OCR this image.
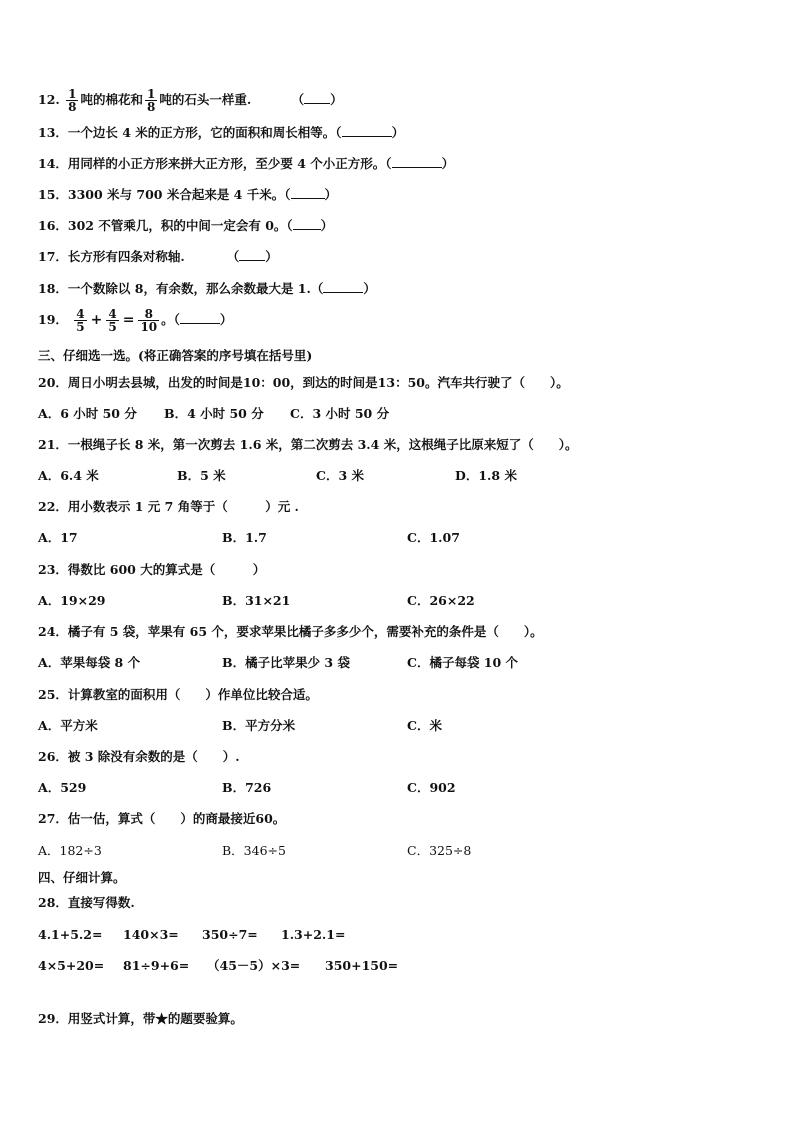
12. $\frac{1}{8}$ 吨的棉花和 $\frac{1}{8}$ 吨的石头一样重.	（ ）
13．一个边长 4 米的正方形，它的面积和周长相等。（	）
14．用同样的小正方形来拼大正方形，至少要 4 个小正方形。（	）
15．3300 米与 700 米合起来是 4 千米。（	）
16．302 不管乘几，积的中间一定会有 0。（ ）
17．长方形有四条对称轴.	（ ）
18．一个数除以 8，有余数，那么余数最大是 1.（	）
19． $\frac{4}{5} + \frac{4}{5} = \frac{8}{10}$ 。（	）
三、仔细选一选。(将正确答案的序号填在括号里)
20．周日小明去县城，出发的时间是10：00，到达的时间是13：50。汽车共行驶了（　　）。
A．6 小时 50 分 B．4 小时 50 分 C．3 小时 50 分
21．一根绳子长 8 米，第一次剪去 1.6 米，第二次剪去 3.4 米，这根绳子比原来短了（　　）。
A．6.4 米	B．5 米	C．3 米	D．1.8 米
22．用小数表示 1 元 7 角等于（　　　）元 .
A．17	B．1.7	C．1.07
23．得数比 600 大的算式是（　　　）
A．19×29	B．31×21	C．26×22
24．橘子有 5 袋，苹果有 65 个，要求苹果比橘子多多少个，需要补充的条件是（　　）。
A．苹果每袋 8 个	B．橘子比苹果少 3 袋	C．橘子每袋 10 个
25．计算教室的面积用（　　）作单位比较合适。
A．平方米	B．平方分米	C．米
26．被 3 除没有余数的是（　　）.
A．529	B．726	C．902
27．估一估，算式（　　）的商最接近60。
A．182÷3	B．346÷5	C．325÷8
四、仔细计算。
28．直接写得数.
4.1+5.2= 140×3= 350÷7= 1.3+2.1=
4×5+20= 81÷9+6= （45－5）×3= 350+150=
29．用竖式计算，带★的题要验算。
